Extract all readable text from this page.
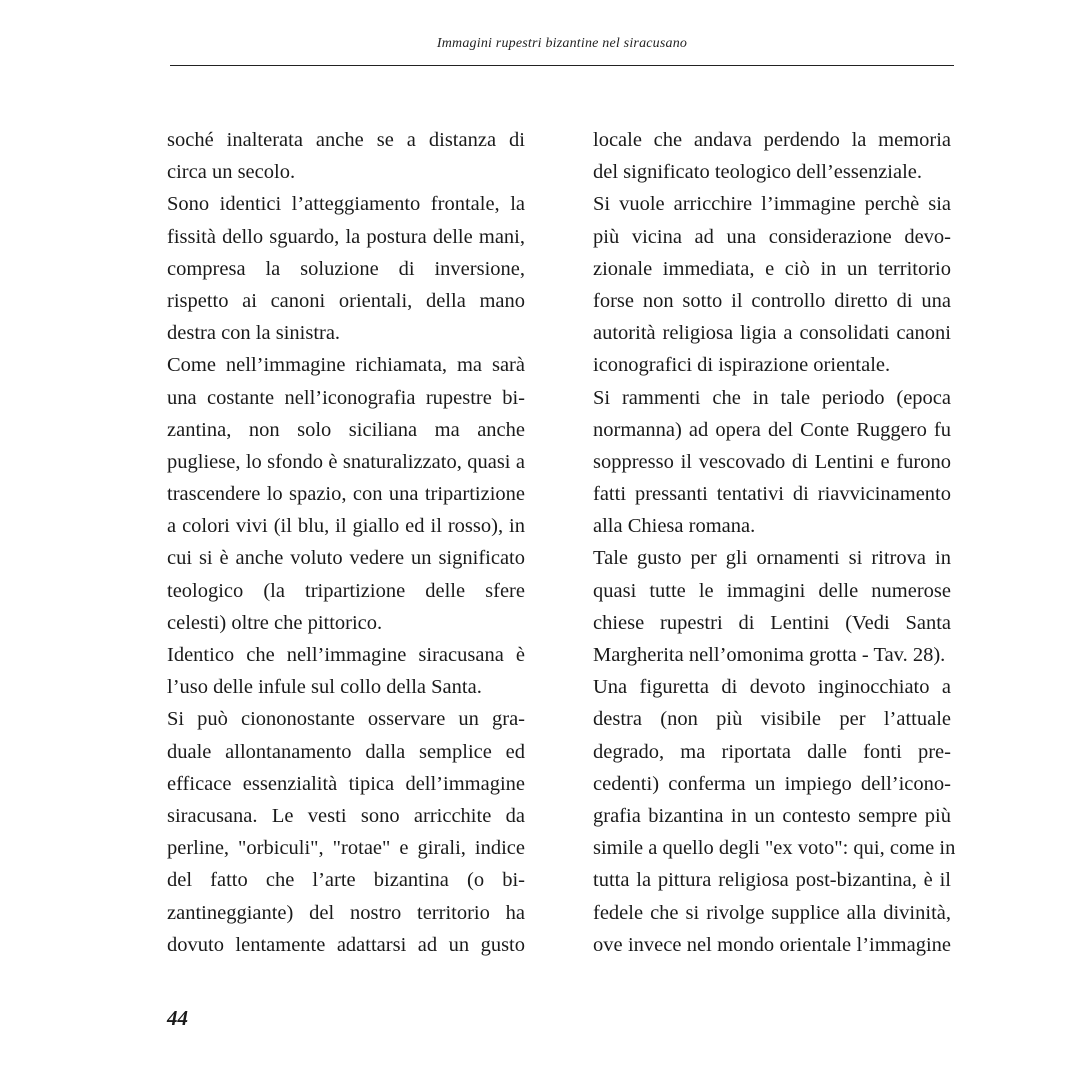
Immagini rupestri bizantine nel siracusano
soché inalterata anche se a distanza di
circa un secolo.
Sono identici l’atteggiamento frontale, la
fissità dello sguardo, la postura delle mani,
compresa la soluzione di inversione,
rispetto ai canoni orientali, della mano
destra con la sinistra.
Come nell’immagine richiamata, ma sarà
una costante nell’iconografia rupestre bi-
zantina, non solo siciliana ma anche
pugliese, lo sfondo è snaturalizzato, quasi a
trascendere lo spazio, con una tripartizione
a colori vivi (il blu, il giallo ed il rosso), in
cui si è anche voluto vedere un significato
teologico (la tripartizione delle sfere
celesti) oltre che pittorico.
Identico che nell’immagine siracusana è
l’uso delle infule sul collo della Santa.
Si può ciononostante osservare un gra-
duale allontanamento dalla semplice ed
efficace essenzialità tipica dell’immagine
siracusana. Le vesti sono arricchite da
perline, "orbiculi", "rotae" e girali, indice
del fatto che l’arte bizantina (o bi-
zantineggiante) del nostro territorio ha
dovuto lentamente adattarsi ad un gusto
locale che andava perdendo la memoria
del significato teologico dell’essenziale.
Si vuole arricchire l’immagine perchè sia
più vicina ad una considerazione devo-
zionale immediata, e ciò in un territorio
forse non sotto il controllo diretto di una
autorità religiosa ligia a consolidati canoni
iconografici di ispirazione orientale.
Si rammenti che in tale periodo (epoca
normanna) ad opera del Conte Ruggero fu
soppresso il vescovado di Lentini e furono
fatti pressanti tentativi di riavvicinamento
alla Chiesa romana.
Tale gusto per gli ornamenti si ritrova in
quasi tutte le immagini delle numerose
chiese rupestri di Lentini (Vedi Santa
Margherita nell’omonima grotta - Tav. 28).
Una figuretta di devoto inginocchiato a
destra (non più visibile per l’attuale
degrado, ma riportata dalle fonti pre-
cedenti) conferma un impiego dell’icono-
grafia bizantina in un contesto sempre più
simile a quello degli "ex voto": qui, come in
tutta la pittura religiosa post-bizantina, è il
fedele che si rivolge supplice alla divinità,
ove invece nel mondo orientale l’immagine
44
